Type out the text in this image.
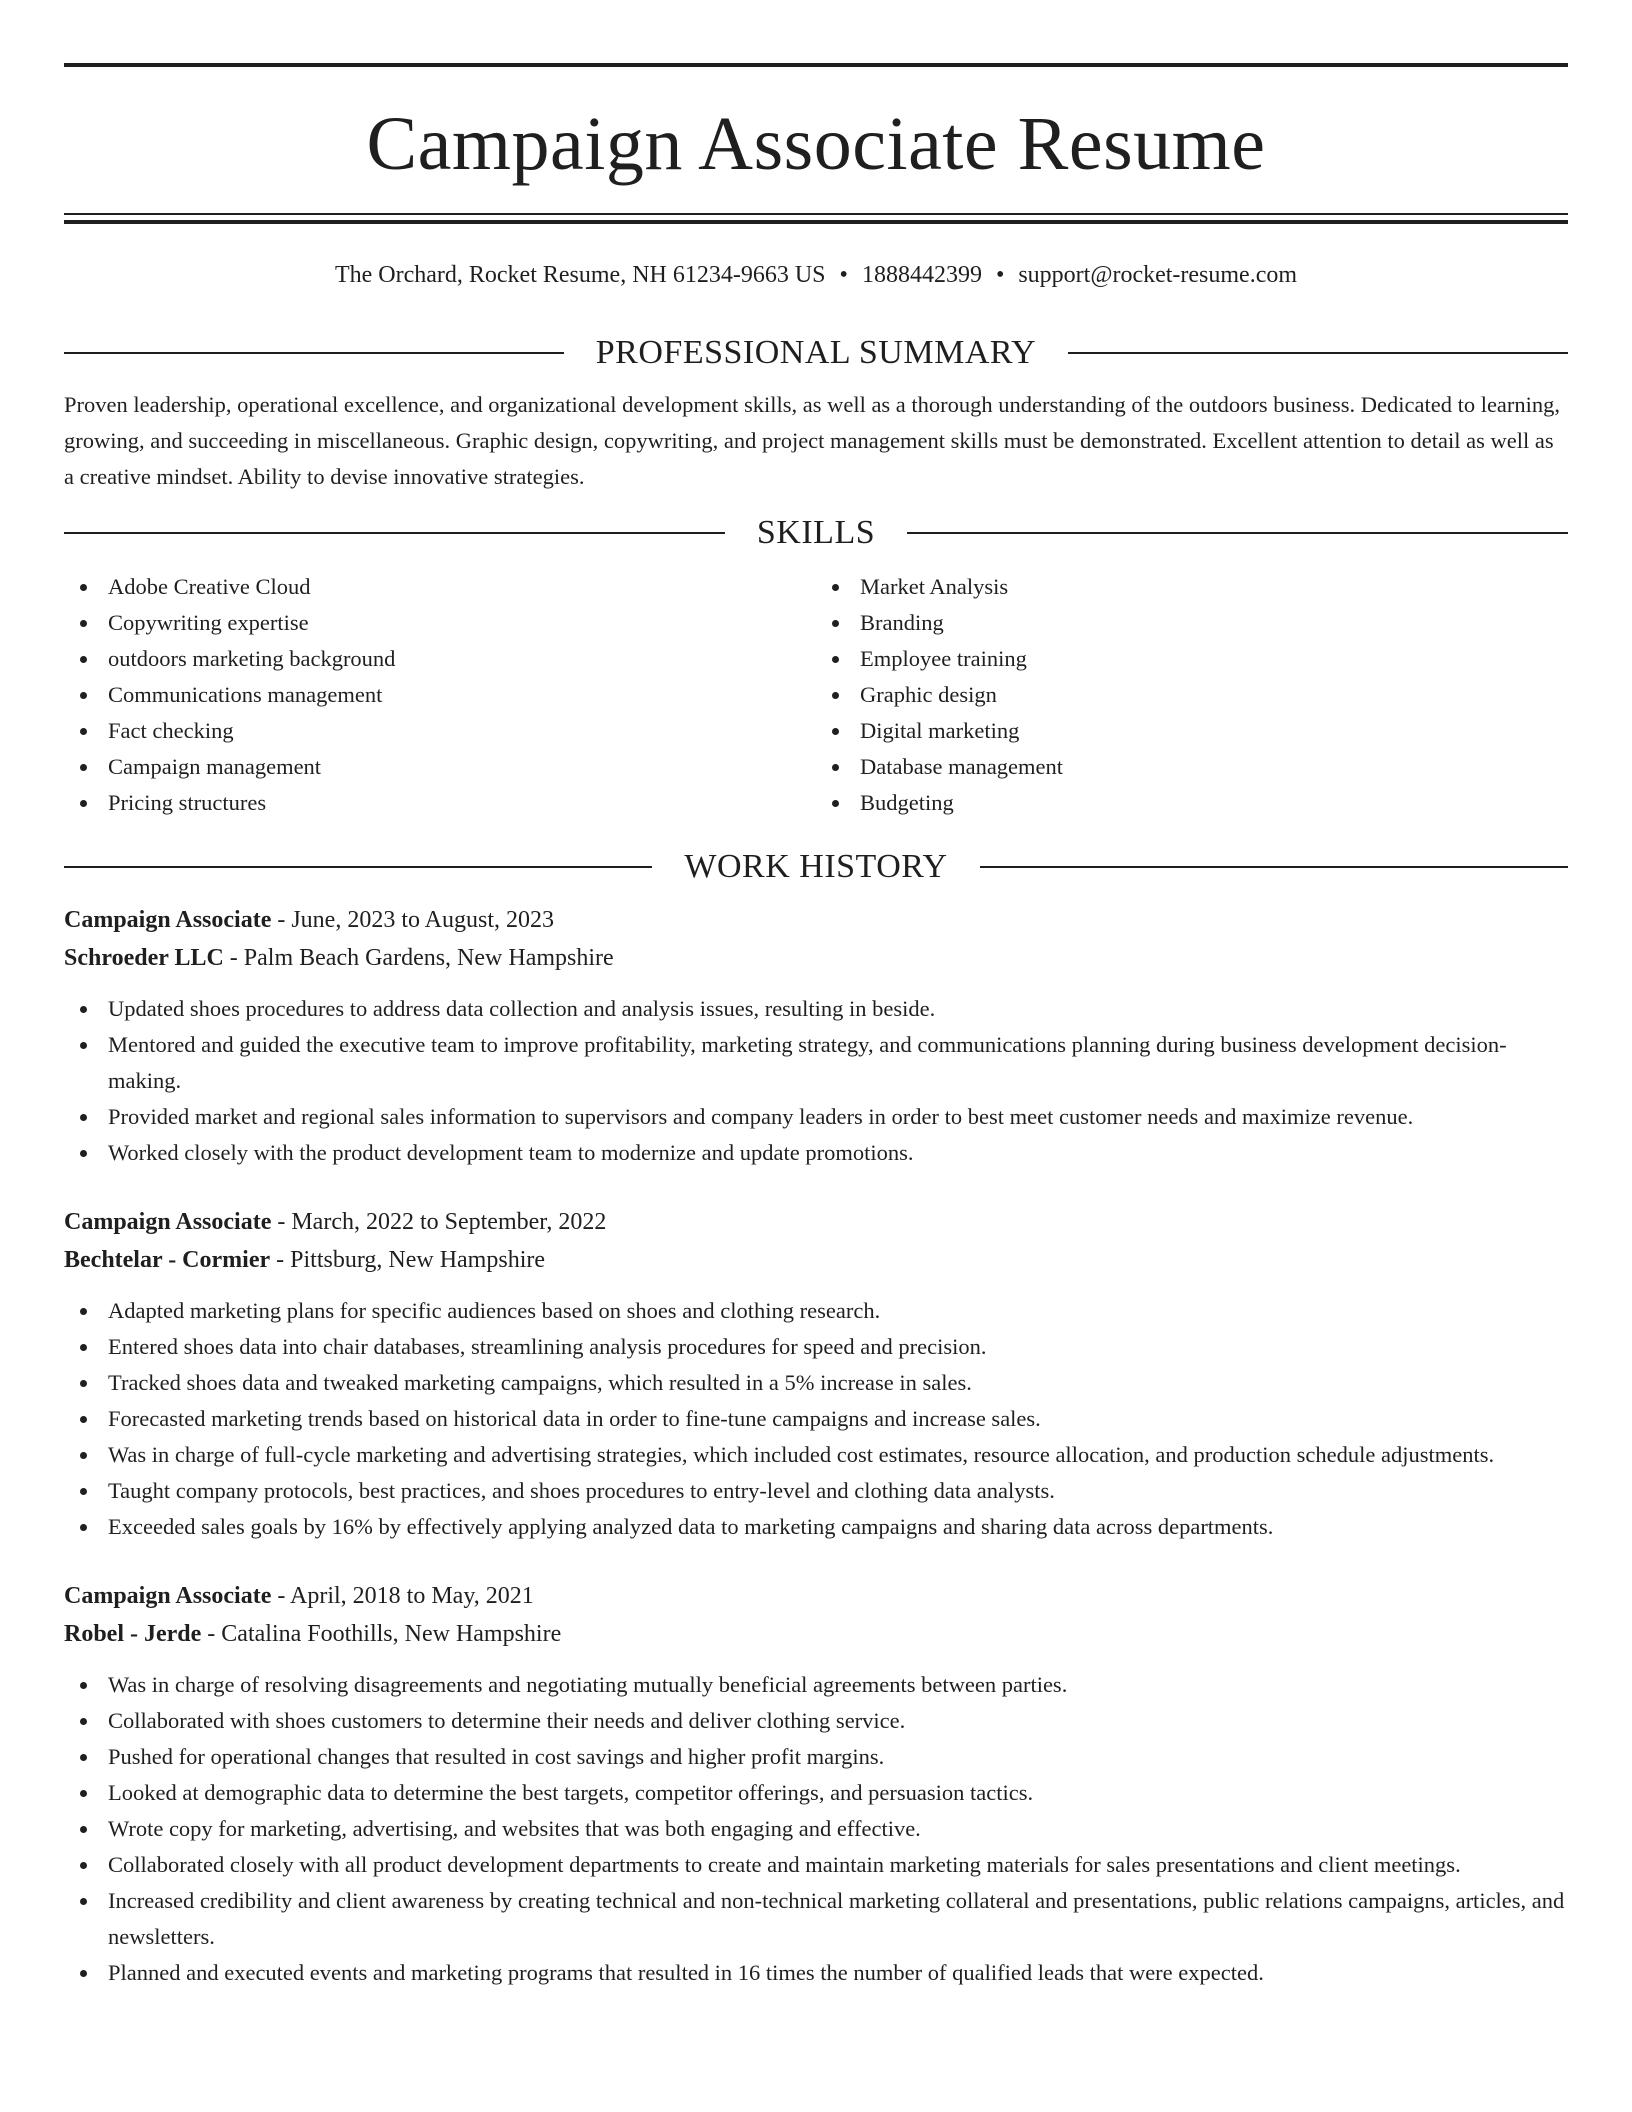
Campaign Associate Resume
The Orchard, Rocket Resume, NH 61234-9663 US • 1888442399 • support@rocket-resume.com
PROFESSIONAL SUMMARY

Proven leadership, operational excellence, and organizational development skills, as well as a thorough understanding of the outdoors business. Dedicated to learning, growing, and succeeding in miscellaneous. Graphic design, copywriting, and project management skills must be demonstrated. Excellent attention to detail as well as a creative mindset. Ability to devise innovative strategies.

SKILLS
Adobe Creative Cloud
Copywriting expertise
outdoors marketing background
Communications management
Fact checking
Campaign management
Pricing structures
Market Analysis
Branding
Employee training
Graphic design
Digital marketing
Database management
Budgeting
WORK HISTORY
Campaign Associate - June, 2023 to August, 2023
Schroeder LLC - Palm Beach Gardens, New Hampshire
Updated shoes procedures to address data collection and analysis issues, resulting in beside.
Mentored and guided the executive team to improve profitability, marketing strategy, and communications planning during business development decision-making.
Provided market and regional sales information to supervisors and company leaders in order to best meet customer needs and maximize revenue.
Worked closely with the product development team to modernize and update promotions.
Campaign Associate - March, 2022 to September, 2022
Bechtelar - Cormier - Pittsburg, New Hampshire
Adapted marketing plans for specific audiences based on shoes and clothing research.
Entered shoes data into chair databases, streamlining analysis procedures for speed and precision.
Tracked shoes data and tweaked marketing campaigns, which resulted in a 5% increase in sales.
Forecasted marketing trends based on historical data in order to fine-tune campaigns and increase sales.
Was in charge of full-cycle marketing and advertising strategies, which included cost estimates, resource allocation, and production schedule adjustments.
Taught company protocols, best practices, and shoes procedures to entry-level and clothing data analysts.
Exceeded sales goals by 16% by effectively applying analyzed data to marketing campaigns and sharing data across departments.
Campaign Associate - April, 2018 to May, 2021
Robel - Jerde - Catalina Foothills, New Hampshire
Was in charge of resolving disagreements and negotiating mutually beneficial agreements between parties.
Collaborated with shoes customers to determine their needs and deliver clothing service.
Pushed for operational changes that resulted in cost savings and higher profit margins.
Looked at demographic data to determine the best targets, competitor offerings, and persuasion tactics.
Wrote copy for marketing, advertising, and websites that was both engaging and effective.
Collaborated closely with all product development departments to create and maintain marketing materials for sales presentations and client meetings.
Increased credibility and client awareness by creating technical and non-technical marketing collateral and presentations, public relations campaigns, articles, and newsletters.
Planned and executed events and marketing programs that resulted in 16 times the number of qualified leads that were expected.
